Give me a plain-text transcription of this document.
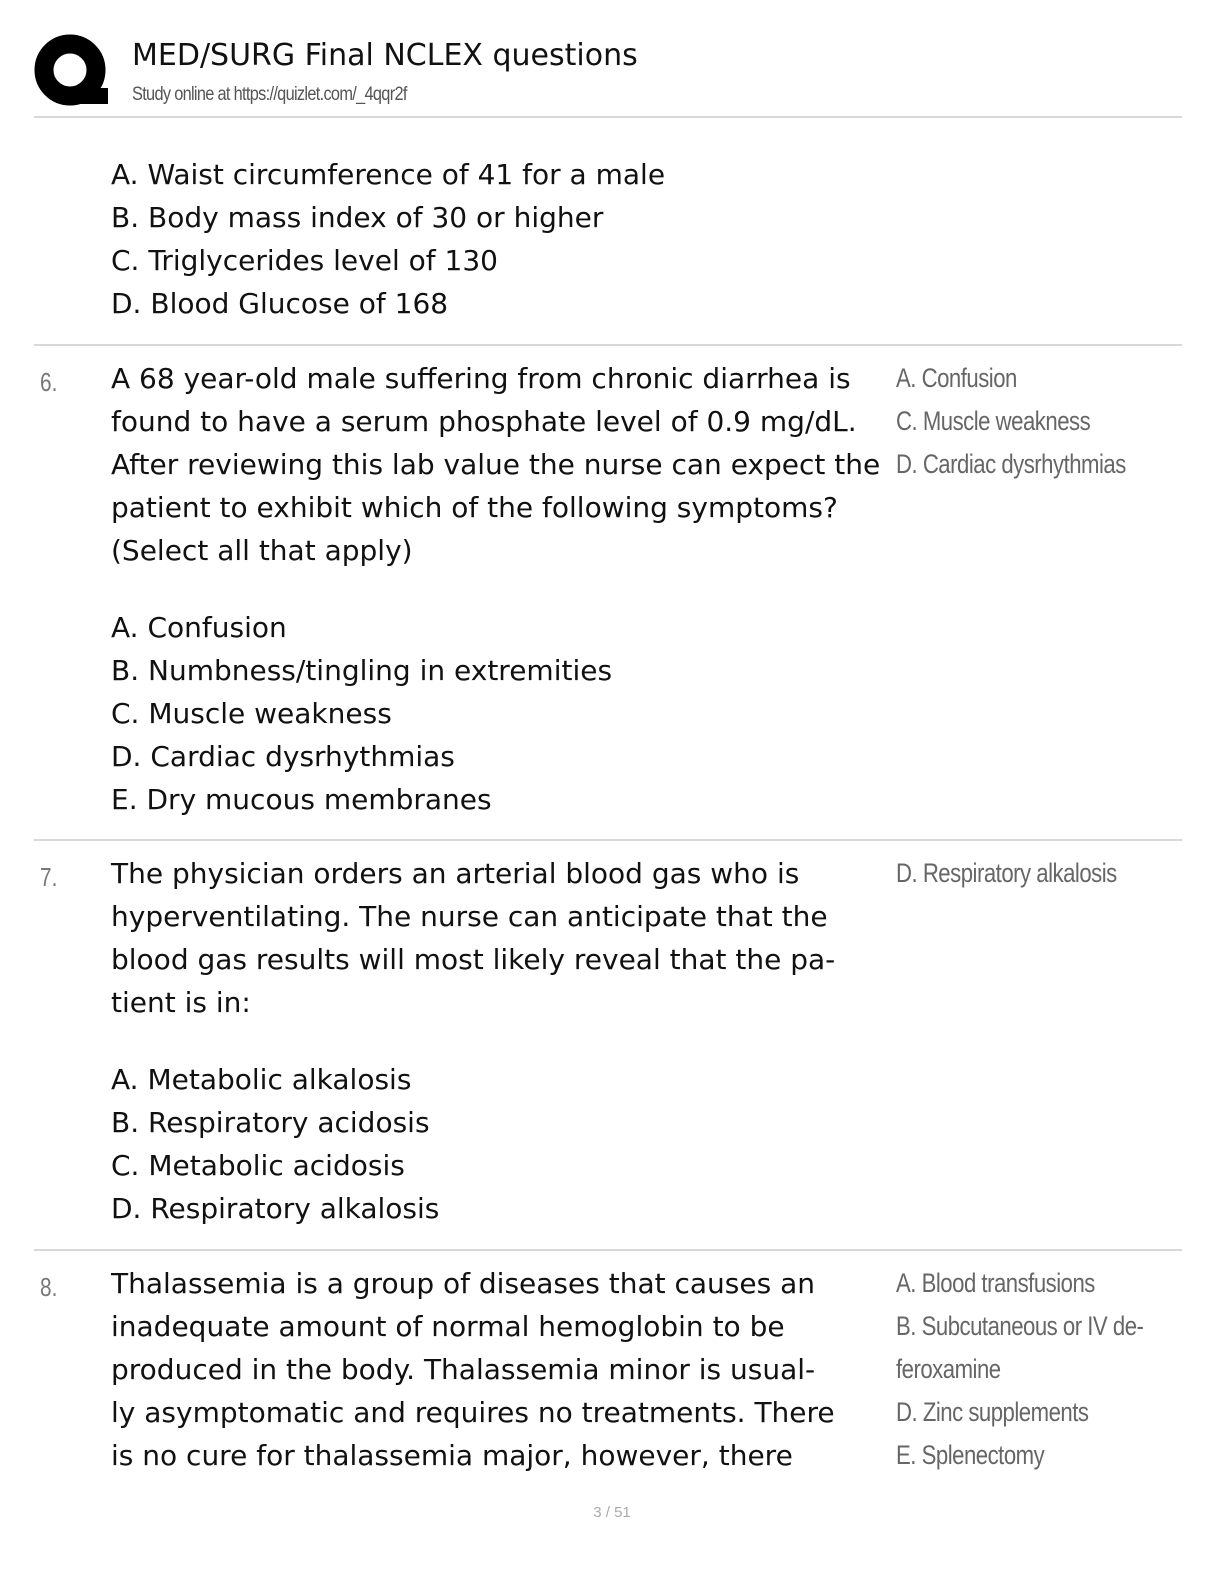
MED/SURG Final NCLEX questions
Study online at https://quizlet.com/_4qqr2f
A. Waist circumference of 41 for a male
B. Body mass index of 30 or higher
C. Triglycerides level of 130
D. Blood Glucose of 168
6. A 68 year-old male suffering from chronic diarrhea is
found to have a serum phosphate level of 0.9 mg/dL.
After reviewing this lab value the nurse can expect the
patient to exhibit which of the following symptoms?
(Select all that apply)
A. Confusion
B. Numbness/tingling in extremities
C. Muscle weakness
D. Cardiac dysrhythmias
E. Dry mucous membranes
A. Confusion
C. Muscle weakness
D. Cardiac dysrhythmias
7. The physician orders an arterial blood gas who is
hyperventilating. The nurse can anticipate that the
blood gas results will most likely reveal that the pa-
tient is in:
A. Metabolic alkalosis
B. Respiratory acidosis
C. Metabolic acidosis
D. Respiratory alkalosis
D. Respiratory alkalosis
8. Thalassemia is a group of diseases that causes an
inadequate amount of normal hemoglobin to be
produced in the body. Thalassemia minor is usual-
ly asymptomatic and requires no treatments. There
is no cure for thalassemia major, however, there
A. Blood transfusions
B. Subcutaneous or IV de-
feroxamine
D. Zinc supplements
E. Splenectomy
3 / 51
